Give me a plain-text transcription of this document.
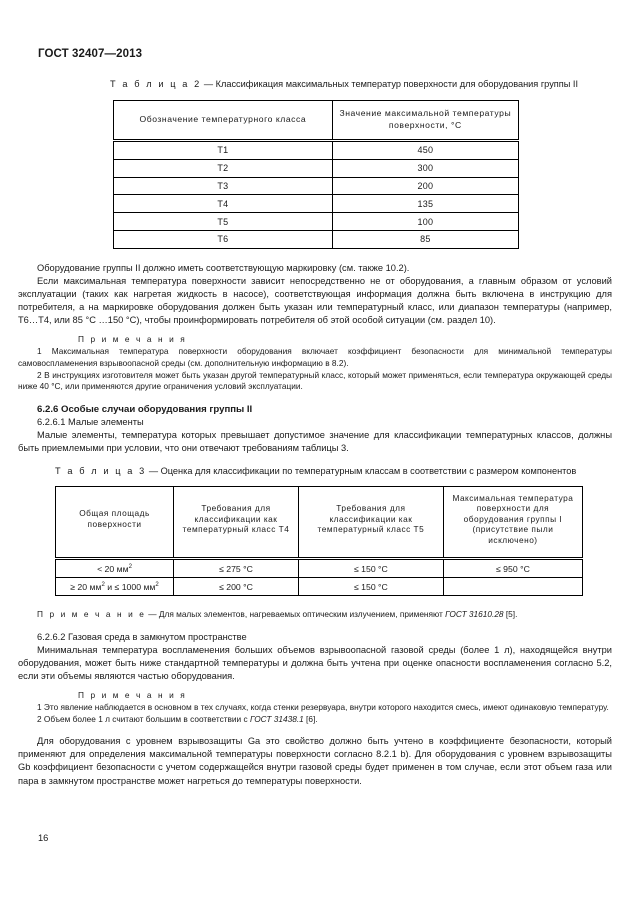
ГОСТ 32407—2013

Т а б л и ц а 2 — Классификация максимальных температур поверхности для оборудования группы II

Обозначение температурного класса	Значение максимальной температуры поверхности, °С
Т1	450
Т2	300
Т3	200
Т4	135
Т5	100
Т6	85

Оборудование группы II должно иметь соответствующую маркировку (см. также 10.2).

Если максимальная температура поверхности зависит непосредственно не от оборудования, а главным образом от условий эксплуатации (таких как нагретая жидкость в насосе), соответствующая информация должна быть включена в инструкцию для потребителя, а на маркировке оборудования должен быть указан или температурный класс, или диапазон температуры (например, Т6…Т4, или 85 °С …150 °С), чтобы проинформировать потребителя об этой особой ситуации (см. раздел 10).

П р и м е ч а н и я

1 Максимальная температура поверхности оборудования включает коэффициент безопасности для минимальной температуры самовоспламенения взрывоопасной среды (см. дополнительную информацию в 8.2).

2 В инструкциях изготовителя может быть указан другой температурный класс, который может применяться, если температура окружающей среды ниже 40 °С, или применяются другие ограничения условий эксплуатации.

6.2.6 Особые случаи оборудования группы II

6.2.6.1 Малые элементы

Малые элементы, температура которых превышает допустимое значение для классификации температурных классов, должны быть приемлемыми при условии, что они отвечают требованиям таблицы 3.

Т а б л и ц а 3 — Оценка для классификации по температурным классам в соответствии с размером компонентов

Общая площадь поверхности	Требования для классификации как температурный класс Т4	Требования для классификации как температурный класс Т5	Максимальная температура поверхности для оборудования группы I (присутствие пыли исключено)
< 20 $мм^2$	≤ 275 °С	≤ 150 °С	≤ 950 °С
≥ 20 $мм^2$ и ≤ 1000 $мм^2$	≤ 200 °С	≤ 150 °С	

П р и м е ч а н и е — Для малых элементов, нагреваемых оптическим излучением, применяют ГОСТ 31610.28 [5].

6.2.6.2 Газовая среда в замкнутом пространстве

Минимальная температура воспламенения больших объемов взрывоопасной газовой среды (более 1 л), находящейся внутри оборудования, может быть ниже стандартной температуры и должна быть учтена при оценке опасности воспламенения согласно 5.2, если эти объемы являются частью оборудования.

П р и м е ч а н и я

1 Это явление наблюдается в основном в тех случаях, когда стенки резервуара, внутри которого находится смесь, имеют одинаковую температуру.

2 Объем более 1 л считают большим в соответствии с ГОСТ 31438.1 [6].

Для оборудования с уровнем взрывозащиты Ga это свойство должно быть учтено в коэффициенте безопасности, который применяют для определения максимальной температуры поверхности согласно 8.2.1 b). Для оборудования с уровнем взрывозащиты Gb коэффициент безопасности с учетом содержащейся внутри газовой среды будет применен в том случае, если этот объем газа или пара в замкнутом пространстве может нагреться до температуры поверхности.

16
